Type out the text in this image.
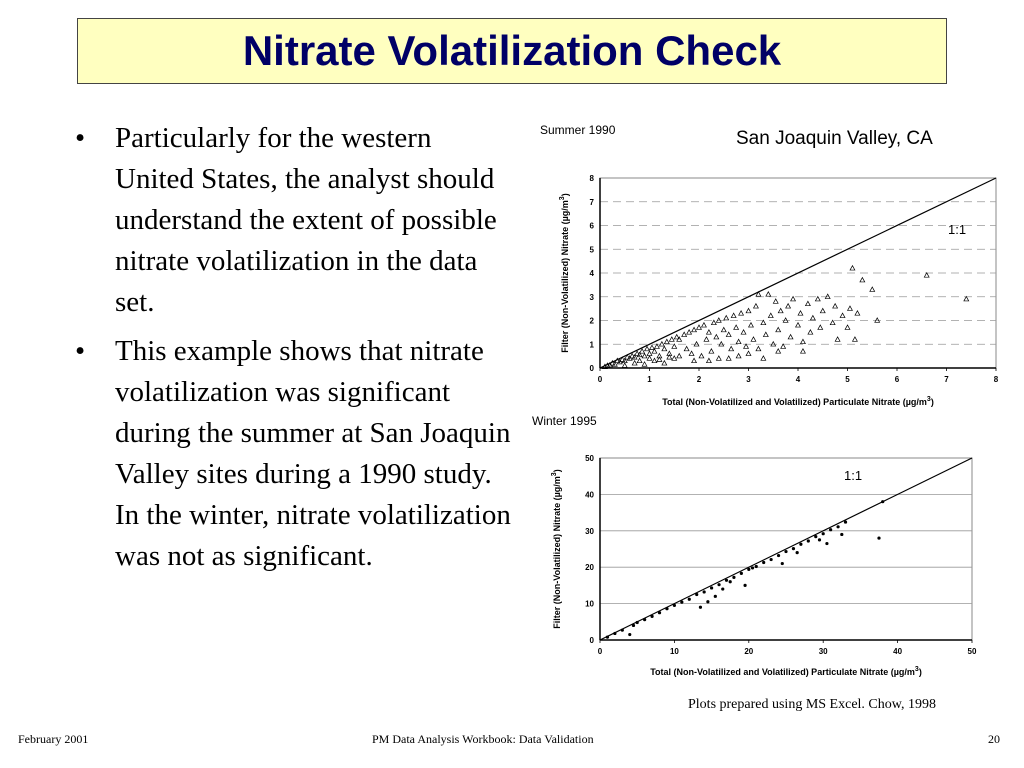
Nitrate Volatilization Check
• Particularly for the western United States, the analyst should understand the extent of possible nitrate volatilization in the data set.
• This example shows that nitrate volatilization was significant during the summer at San Joaquin Valley sites during a 1990 study. In the winter, nitrate volatilization was not as significant.
San Joaquin Valley, CA
Summer 1990
0
1
2
3
4
5
6
7
8
0	1	2	3	4	5	6	7	8
1:1
Total (Non-Volatilized and Volatilized) Particulate Nitrate $(\mu g/m^3)$
Filter (Non-Volatilized) Nitrate $(\mu g/m^3)$
Winter 1995
0
10
20
30
40
50
0	10	20	30	40	50
1:1
Total (Non-Volatilized and Volatilized) Particulate Nitrate $(\mu g/m^3)$
Filter (Non-Volatilized) Nitrate $(\mu g/m^3)$
Plots prepared using MS Excel. Chow, 1998
February 2001	PM Data Analysis Workbook: Data Validation	20
